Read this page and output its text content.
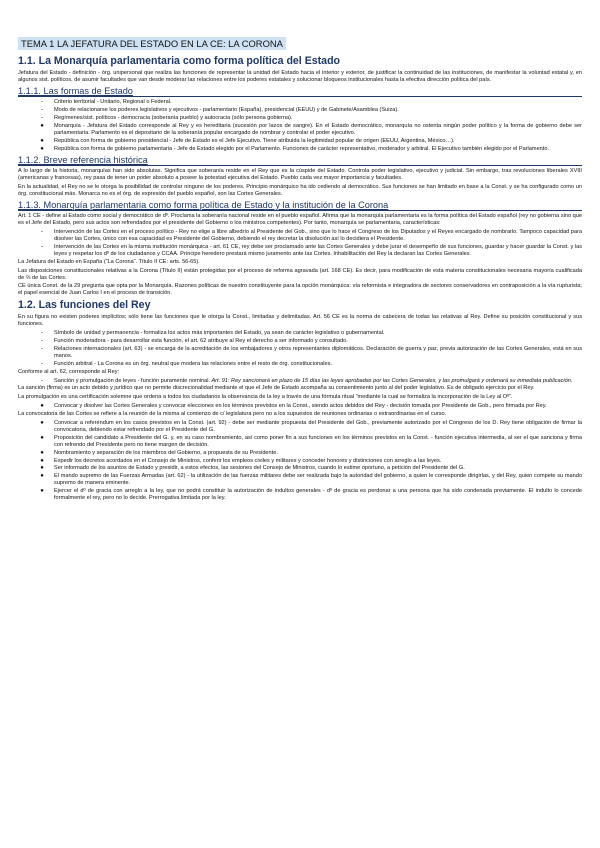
TEMA 1 LA JEFATURA DEL ESTADO EN LA CE: LA CORONA
1.1. La Monarquía parlamentaria como forma política del Estado

Jefatura del Estado - definición - órg. unipersonal que realiza las funciones de representar la unidad del Estado hacia el interior y exterior, de justificar la continuidad de las instituciones, de manifestar la voluntad estatal y, en algunos sist. políticos, de asumir facultades que van desde moderar las relaciones entre los poderes estatales y solucionar bloqueos institucionales hasta la efectiva dirección política del país.

1.1.1. Las formas de Estado
-	Criterio territorial - Unitario, Regional o Federal.
-	Modo de relacionarse los poderes legislativos y ejecutivos - parlamentario (España), presidencial (EEUU) y de Gabinete/Asamblea (Suiza).
-	Regímenes/sist. políticos - democracia (soberanía pueblo) y autocracia (sólo persona gobierna).
●	Monarquía - Jefatura del Estado corresponde al Rey y es hereditaria (sucesión por lazos de sangre). En el Estado democrático, monarquía no ostenta ningún poder político y la forma de gobierno debe ser parlamentaria. Parlamento es el depositario de la soberanía popular encargado de nombrar y controlar el poder ejecutivo.
●	República con forma de gobierno presidencial - Jefe de Estado es el Jefe Ejecutivo. Tiene atribuida la legitimidad popular de origen (EEUU, Argentina, México…).
●	República con forma de gobierno parlamentaria - Jefe de Estado elegido por el Parlamento. Funciones de carácter representativo, moderador y arbitral. El Ejecutivo también elegido por el Parlamento.
1.1.2. Breve referencia histórica

A lo largo de la historia, monarquías han sido absolutas. Significa que soberanía reside en el Rey que es la cúspide del Estado. Controla poder legislativo, ejecutivo y judicial. Sin embargo, tras revoluciones liberales XVIII (americanas y francesas), rey pasa de tener un poder absoluto a poseer la potestad ejecutiva del Estado. Pueblo cada vez mayor importancia y facultades.

En la actualidad, el Rey no se le otorga la posibilidad de controlar ninguno de los poderes. Principio monárquico ha ido cediendo al democrático. Sus funciones se han limitado en base a la Const. y se ha configurado como un órg. constitucional más. Monarca no es el órg. de expresión del pueblo español, son las Cortes Generales.

1.1.3. Monarquía parlamentaria como forma política de Estado y la institución de la Corona

Art. 1 CE - define al Estado como social y democrático de dº. Proclama la soberanía nacional reside en el pueblo español. Afirma que la monarquía parlamentaria es la forma política del Estado español (rey no gobierna sino que es el Jefe del Estado, pero sus actos son refrendados por el presidente del Gobierno o los ministros competentes). Por tanto, monarquía se parlamentaria, características:

-	Intervención de las Cortes en el proceso político - Rey no elige a libre albedrío al Presidente del Gob., sino que lo hace el Congreso de los Diputados y el Reyes encargado de nombrarlo. Tampoco capacidad para disolver las Cortes, único con esa capacidad es Presidente del Gobierno, debiendo el rey decretar la disolución así lo decidiera el Presidente.
-	Intervención de las Cortes en la misma institución monárquica - art. 61 CE, rey debe ser proclamado ante las Cortes Generales y debe jurar el desempeño de sus funciones, guardar y hacer guardar la Const. y las leyes y respetar los dº de los ciudadanos y CCAA. Príncipe heredero prestará mismo juramento ante las Cortes. Inhabilitación del Rey la declaran las Cortes Generales.

La Jefatura del Estado en España (“La Corona”. Título II CE: arts. 56-65).

Las disposiciones constitucionales relativas a la Corona (Título II) están protegidas por el proceso de reforma agravada (art. 168 CE). Es decir, para modificación de esta materia constitucionales necesaria mayoría cualificada de ⅔ de las Cortes.

CE única Const. de la 29 pregunta que opta por la Monarquía. Razones políticas de nuestro constituyente para la opción monárquica: vía reformista e integradora de sectores conservadores en contraposición a la vía rupturista; el papel esencial de Juan Carlos I en el proceso de transición.

1.2. Las funciones del Rey

En su figura no existen poderes implícitos; sólo tiene las funciones que le otorga la Const., limitadas y delimitadas. Art. 56 CE es la norma de cabecera de todas las relativas al Rey. Define su posición constitucional y sus funciones.

-	Símbolo de unidad y permanencia - formaliza los actos más importantes del Estado, ya sean de carácter legislativo o gubernamental.
-	Función moderadora - para desarrollar esta función, el art. 62 atribuye al Rey el derecho a ser informado y consultado.
-	Relaciones internacionales (art. 63) - se encarga de la acreditación de los embajadores y otros representantes diplomáticos. Declaración de guerra y paz, previa autorización de las Cortes Generales, está en sus manos.
-	Función arbitral - La Corona es un órg. neutral que modera las relaciones entre el resto de órg. constitucionales.

Conforme al art. 62, corresponde al Rey:

-	Sanción y promulgación de leyes - función puramente nominal. Art. 91: Rey sancionará en plazo de 15 días las leyes aprobadas por las Cortes Generales, y las promulgará y ordenará su inmediata publicación.

La sanción (firma) es un acto debido y jurídico que no permite discrecionalidad mediante el que el Jefe de Estado acompaña su consentimiento junto al del poder legislativo. Es de obligado ejercicio por el Rey.

La promulgación es una certificación solemne que ordena a todos los ciudadanos la observancia de la ley a través de una fórmula ritual “mediante la cual se formaliza la incorporación de la Ley al Oº”.

●	Convocar y disolver las Cortes Generales y convocar elecciones en los términos previstos en la Const., siendo actos debidos del Rey - decisión tomada por Presidente de Gob., pero firmada por Rey.

La convocatoria de las Cortes se refiere a la reunión de la misma al comienzo de c/ legislatura pero no a los supuestos de reuniones ordinarias o extraordinarias en el curso.

●	Convocar a referéndum en los casos previstos en la Const. (art. 92) - debe ser mediante propuesta del Presidente del Gob., previamente autorizado por el Congreso de los D. Rey tiene obligación de firmar la convocatoria, debiendo estar refrendado por el Presidente del G.
●	Proposición del candidato a Presidente del G. y, en su caso nombramiento, así como poner fin a sus funciones en los términos previstos en la Const. - función ejecutiva intermedia, al ser el que sanciona y firma con refrendo del Presidente pero no tiene margen de decisión.
●	Nombramiento y separación de los miembros del Gobierno, a propuesta de su Presidente.
●	Expedir los decretos acordados en el Consejo de Ministros, conferir los empleos civiles y militares y conceder honores y distinciones con arreglo a las leyes.
●	Ser informado de los asuntos de Estado y presidir, a estos efectos, las sesiones del Consejo de Ministros, cuando lo estime oportuno, a petición del Presidente del G.
●	El mando supremo de las Fuerzas Armadas (art. 62) - la utilización de las fuerzas militares debe ser realizada bajo la autoridad del gobierno, a quien le corresponde dirigirlas, y del Rey, quien compete su mando supremo de manera eminente.
●	Ejercer el dº de gracia con arreglo a la ley, que no podrá constituir la autorización de indultos generales - dº de gracia es perdonar a una persona que ha sido condenada previamente. El indulto lo concede formalmente el rey, pero no lo decide. Prerrogativa limitada por la ley.
